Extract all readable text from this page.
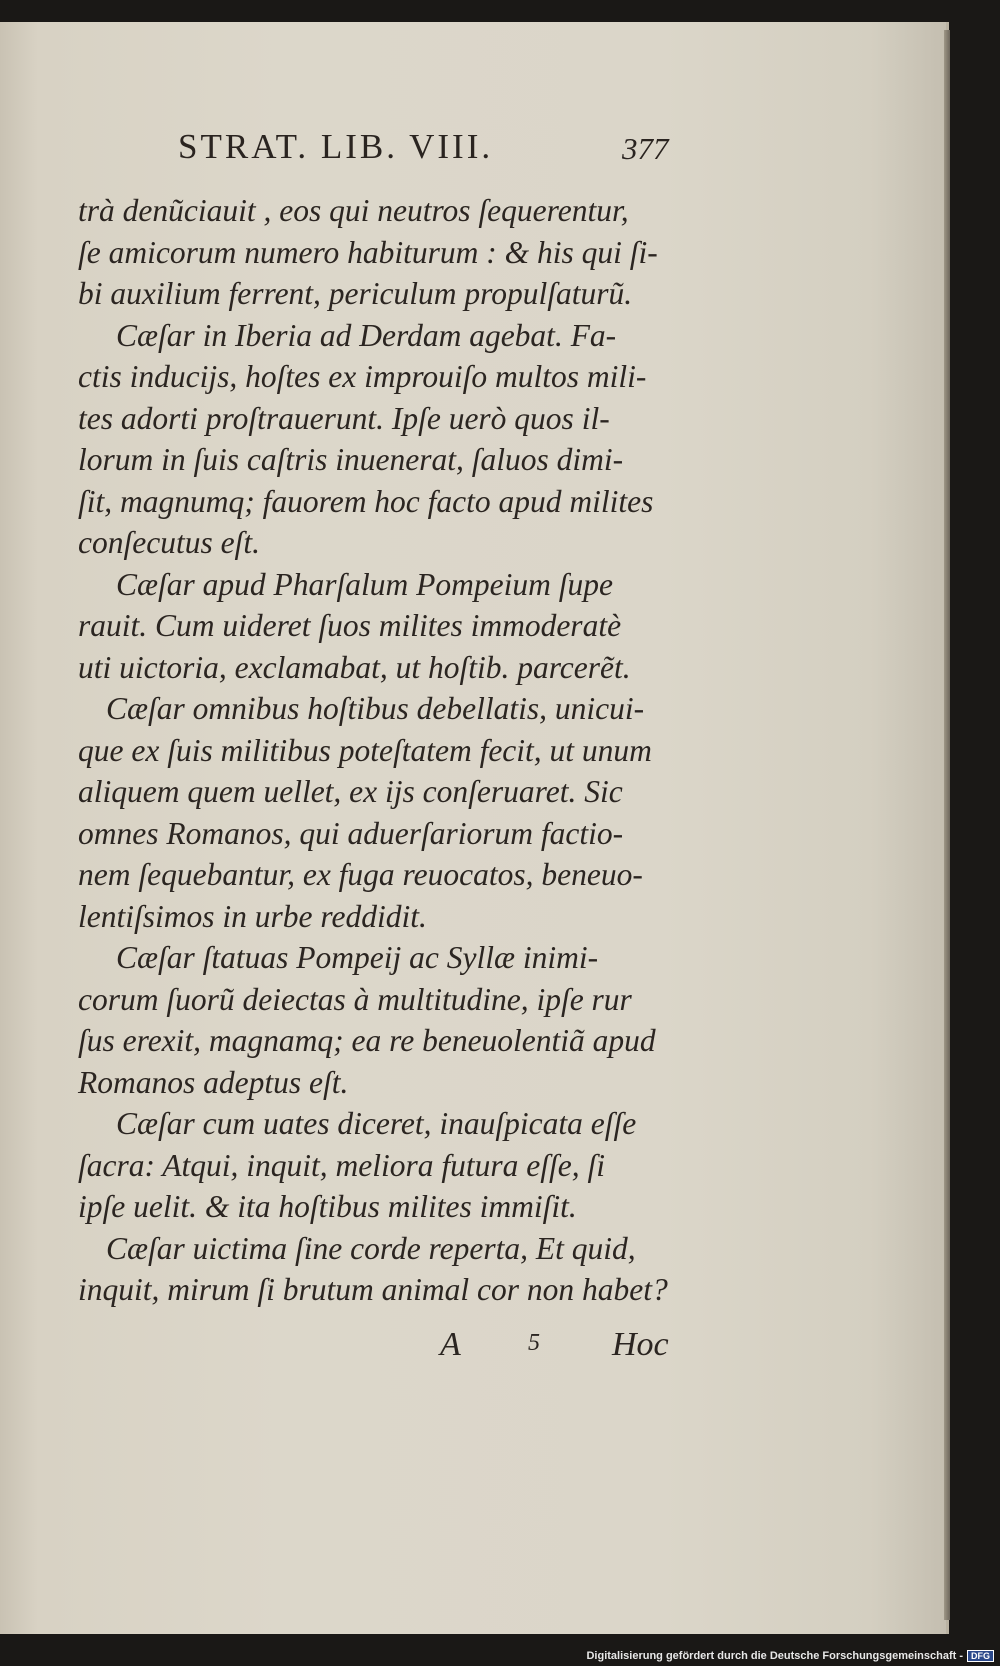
STRAT. LIB. VIII.	377
trà denũciauit , eos qui neutros ſequerentur,
ſe amicorum numero habiturum : & his qui ſi-
bi auxilium ferrent, periculum propulſaturũ.
Cæſar in Iberia ad Derdam agebat. Fa-
ctis induciјs, hoſtes ex improuiſo multos mili-
tes adorti proſtrauerunt. Ipſe uerò quos il-
lorum in ſuis caſtris inuenerat, ſaluos dimi-
ſit, magnumq; fauorem hoc facto apud milites
conſecutus eſt.
Cæſar apud Pharſalum Pompeium ſupe
rauit. Cum uideret ſuos milites immoderatè
uti uictoria, exclamabat, ut hoſtib. parcerẽt.
Cæſar omnibus hoſtibus debellatis, unicui-
que ex ſuis militibus poteſtatem fecit, ut unum
aliquem quem uellet, ex iјs conſeruaret. Sic
omnes Romanos, qui aduerſariorum factio-
nem ſequebantur, ex fuga reuocatos, beneuo-
lentiſsimos in urbe reddidit.
Cæſar ſtatuas Pompeiј ac Syllæ inimi-
corum ſuorũ deiectas à multitudine, ipſe rur
ſus erexit, magnamq; ea re beneuolentiã apud
Romanos adeptus eſt.
Cæſar cum uates diceret, inauſpicata eſſe
ſacra: Atqui, inquit, meliora futura eſſe, ſi
ipſe uelit. & ita hoſtibus milites immiſit.
Cæſar uictima ſine corde reperta, Et quid,
inquit, mirum ſi brutum animal cor non habet?
A	5 Hoc
Digitalisierung gefördert durch die Deutsche Forschungsgemeinschaft - DFG
